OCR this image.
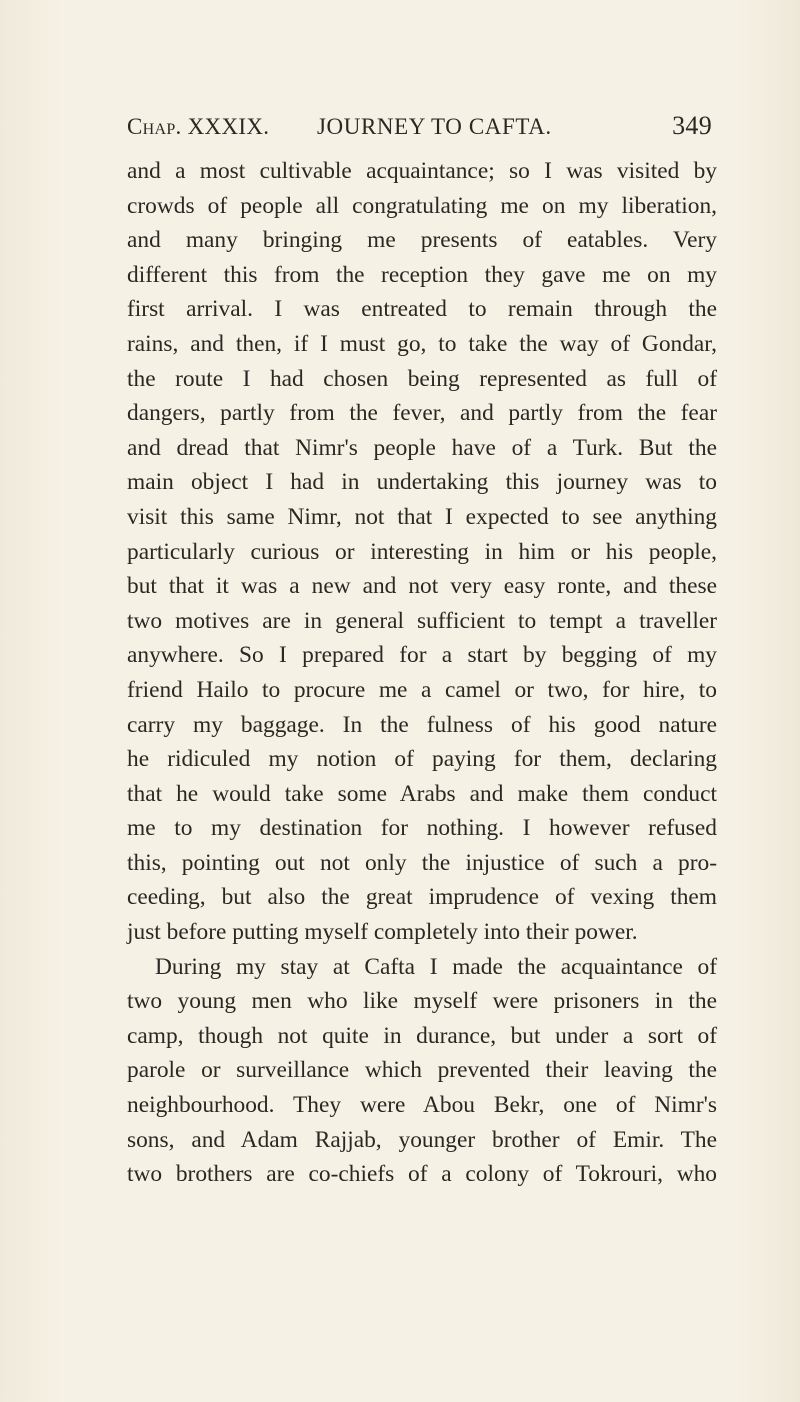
Chap. XXXIX. JOURNEY TO CAFTA.	349
and a most cultivable acquaintance; so I was visited by
crowds of people all congratulating me on my liberation,
and many bringing me presents of eatables. Very
different this from the reception they gave me on my
first arrival. I was entreated to remain through the
rains, and then, if I must go, to take the way of Gondar,
the route I had chosen being represented as full of
dangers, partly from the fever, and partly from the fear
and dread that Nimr's people have of a Turk. But the
main object I had in undertaking this journey was to
visit this same Nimr, not that I expected to see anything
particularly curious or interesting in him or his people,
but that it was a new and not very easy ronte, and these
two motives are in general sufficient to tempt a traveller
anywhere. So I prepared for a start by begging of my
friend Hailo to procure me a camel or two, for hire, to
carry my baggage. In the fulness of his good nature
he ridiculed my notion of paying for them, declaring
that he would take some Arabs and make them conduct
me to my destination for nothing. I however refused
this, pointing out not only the injustice of such a pro-
ceeding, but also the great imprudence of vexing them
just before putting myself completely into their power.
During my stay at Cafta I made the acquaintance of
two young men who like myself were prisoners in the
camp, though not quite in durance, but under a sort of
parole or surveillance which prevented their leaving the
neighbourhood. They were Abou Bekr, one of Nimr's
sons, and Adam Rajjab, younger brother of Emir. The
two brothers are co-chiefs of a colony of Tokrouri, who
